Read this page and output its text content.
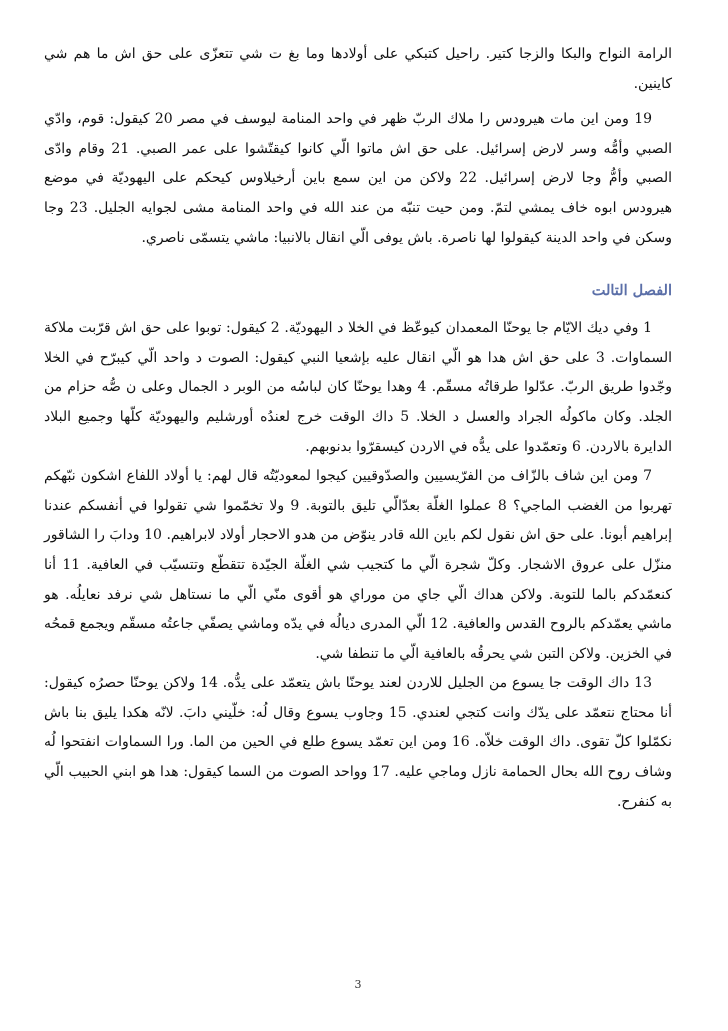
الرامة النواح والبكا والزجا كتير. راحيل كتبكي على أولادها وما بغ ت شي تتعزّى على حق اش ما هم شي كاينين.

19 ومن اين مات هيرودس را ملاك الربّ ظهر في واحد المنامة ليوسف في مصر 20 كيقول: قوم، وادّي الصبي وأمُّه وسر لارض إسرائيل. على حق اش ماتوا الّي كانوا كيقتّشوا على عمر الصبي. 21 وقام وادّى الصبي وأمُّ وجا لارض إسرائيل. 22 ولاكن من اين سمع باين أرخيلاوس كيحكم على اليهوديّة في موضع هيرودس ابوه خاف يمشي لتمّ. ومن حيت تنبّه من عند الله في واحد المنامة مشى لجوايه الجليل. 23 وجا وسكن في واحد الدينة كيقولوا لها ناصرة. باش يوفى الّي انقال بالانبيا: ماشي يتسمّى ناصري.

الفصل التالت

1 وفي ديك الايّام جا يوحنّا المعمدان كيوعّظ في الخلا د اليهوديّة. 2 كيقول: توبوا على حق اش قرّبت ملاكة السماوات. 3 على حق اش هدا هو الّي انقال عليه بإشعيا النبي كيقول: الصوت د واحد الّي كيبرّح في الخلا وجّدوا طريق الربّ. عدّلوا طرقاتُه مسقّم. 4 وهدا يوحنّا كان لباسُه من الوبر د الجمال وعلى ن صُّه حزام من الجلد. وكان ماكولُه الجراد والعسل د الخلا. 5 داك الوقت خرج لعندُه أورشليم واليهوديّة كلّها وجميع البلاد الدايرة بالاردن. 6 وتعمّدوا على يدُّه في الاردن كيسقرّوا بدنوبهم.

7 ومن اين شاف بالزّاف من الفرّيسيين والصدّوقيين كيجوا لمعوديّتُه قال لهم: يا أولاد اللفاع اشكون نبّهكم تهربوا من الغضب الماجي؟ 8 عملوا الغلّة بعدّالّي تليق بالتوبة. 9 ولا تخمّموا شي تقولوا في أنفسكم عندنا إبراهيم أبونا. على حق اش نقول لكم باين الله قادر ينوّض من هدو الاحجار أولاد لابراهيم. 10 ودابَ را الشاقور منزّل على عروق الاشجار. وكلّ شجرة الّي ما كتجيب شي الغلّة الجيّدة تتقطّع وتتسيّب في العافية. 11 أنا كنعمّدكم بالما للتوبة. ولاكن هداك الّي جاي من موراي هو أقوى منّي الّي ما نستاهل شي نرفد نعايلُه. هو ماشي يعمّدكم بالروح القدس والعافية. 12 الّي المدرى ديالُه في يدّه وماشي يصفّي جاعتُه مسقّم ويجمع قمحُه في الخزين. ولاكن التبن شي يحرقُه بالعافية الّي ما تنطفا شي.

13 داك الوقت جا يسوع من الجليل للاردن لعند يوحنّا باش يتعمّد على يدُّه. 14 ولاكن يوحنّا حصرُه كيقول: أنا محتاج نتعمّد على يدّك وانت كتجي لعندي. 15 وجاوب يسوع وقال لُه: خلّيني دابَ. لانّه هكدا يليق بنا باش نكمّلوا كلّ تقوى. داك الوقت خلاّه. 16 ومن اين تعمّد يسوع طلع في الحين من الما. ورا السماوات انفتحوا لُه وشاف روح الله بحال الحمامة نازل وماجي عليه. 17 وواحد الصوت من السما كيقول: هدا هو ابني الحبيب الّي به كنفرح.

3
